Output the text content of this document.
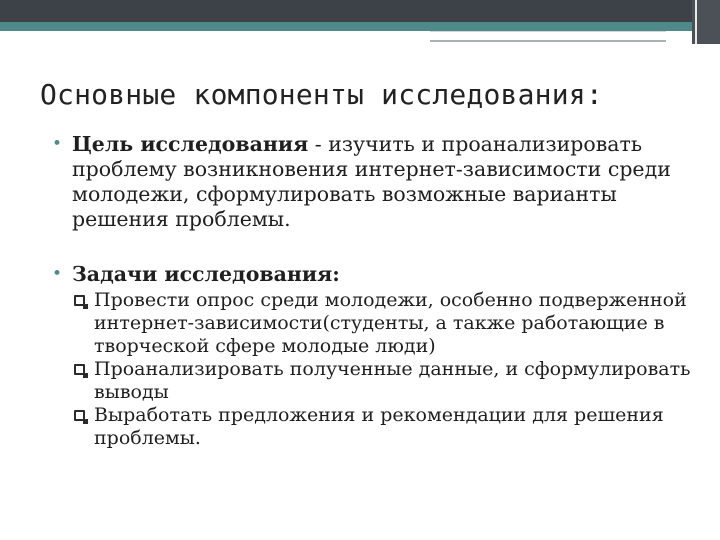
Основные компоненты исследования:
• Цель исследования - изучить и проанализировать проблему возникновения интернет-зависимости среди молодежи, сформулировать возможные варианты решения проблемы.
• Задачи исследования:
Провести опрос среди молодежи, особенно подверженной интернет-зависимости(студенты, а также работающие в творческой сфере молодые люди)
Проанализировать полученные данные, и сформулировать выводы
Выработать предложения и рекомендации для решения проблемы.
